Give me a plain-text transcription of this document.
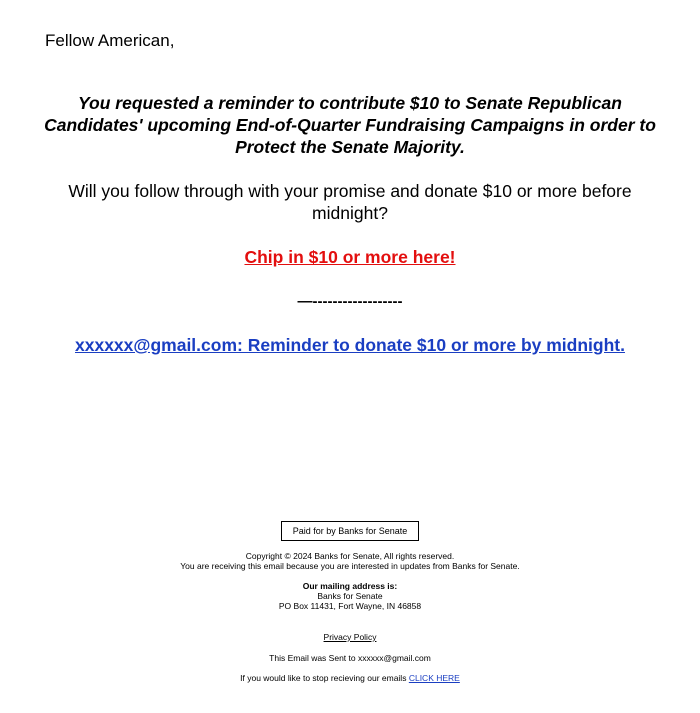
Fellow American,
You requested a reminder to contribute $10 to Senate Republican Candidates' upcoming End-of-Quarter Fundraising Campaigns in order to Protect the Senate Majority.
Will you follow through with your promise and donate $10 or more before midnight?
Chip in $10 or more here!
—------------------
xxxxxx@gmail.com: Reminder to donate $10 or more by midnight.
Paid for by Banks for Senate
Copyright © 2024 Banks for Senate, All rights reserved.
You are receiving this email because you are interested in updates from Banks for Senate.
Our mailing address is:
Banks for Senate
PO Box 11431, Fort Wayne, IN 46858
Privacy Policy
This Email was Sent to xxxxxx@gmail.com
If you would like to stop recieving our emails CLICK HERE
